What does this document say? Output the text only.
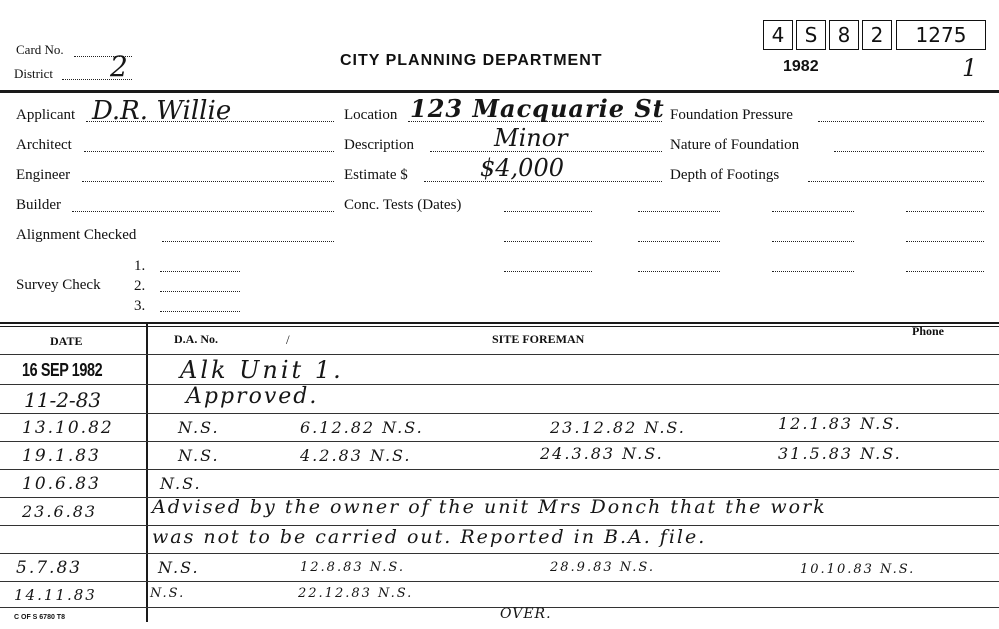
Card No.
District 2	CITY PLANNING DEPARTMENT
4	S	8	2	1275
1982	1
Applicant D.R. Willie
Architect
Engineer
Builder
Alignment Checked
Survey Check
1.
2.
3.
Location 123 Macquarie St
Description	Minor
Estimate $	$4,000
Conc. Tests (Dates)
Foundation Pressure
Nature of Foundation
Depth of Footings
DATE	D.A. No.	/	SITE FOREMAN
Phone
16 SEP 1982	Alk Unit 1.
11-2-83	Approved.
13.10.82	N.S.	6.12.82 N.S.	23.12.82 N.S.	12.1.83 N.S.
19.1.83	N.S.	4.2.83 N.S.	24.3.83 N.S.	31.5.83 N.S.
10.6.83	N.S.
23.6.83	Advised by the owner of the unit Mrs Donch that the work
was not to be carried out. Reported in B.A. file.
5.7.83	N.S.	12.8.83 N.S.	28.9.83 N.S.	10.10.83 N.S.
14.11.83	N.S.	22.12.83 N.S.
C OF S 6780 T8	OVER.
